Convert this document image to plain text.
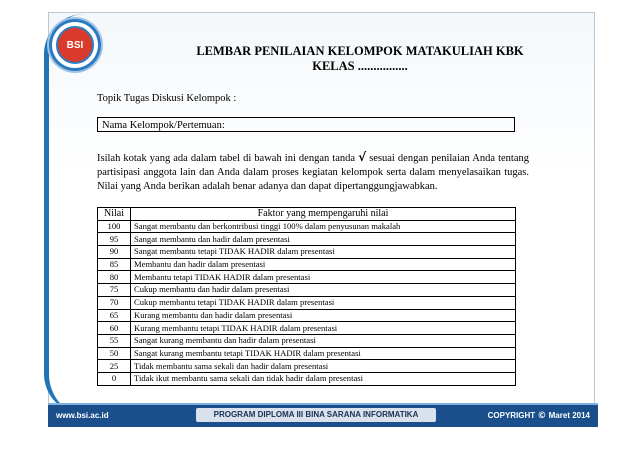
BSI	LEMBAR PENILAIAN KELOMPOK MATAKULIAH KBK
KELAS ................
Topik Tugas Diskusi Kelompok :
Nama Kelompok/Pertemuan:
Isilah kotak yang ada dalam tabel di bawah ini dengan tanda √ sesuai dengan penilaian Anda tentang partisipasi anggota lain dan Anda dalam proses kegiatan kelompok serta dalam menyelasaikan tugas. Nilai yang Anda berikan adalah benar adanya dan dapat dipertanggungjawabkan.
Nilai	Faktor yang mempengaruhi nilai
100	Sangat membantu dan berkontribusi tinggi 100% dalam penyusunan makalah
95	Sangat membantu dan hadir dalam presentasi
90	Sangat membantu tetapi TIDAK HADIR dalam presentasi
85	Membantu dan hadir dalam presentasi
80	Membantu tetapi TIDAK HADIR dalam presentasi
75	Cukup membantu dan hadir dalam presentasi
70	Cukup membantu tetapi TIDAK HADIR dalam presentasi
65	Kurang membantu dan hadir dalam presentasi
60	Kurang membantu tetapi TIDAK HADIR dalam presentasi
55	Sangat kurang membantu dan hadir dalam presentasi
50	Sangat kurang membantu tetapi TIDAK HADIR dalam presentasi
25	Tidak membantu sama sekali dan hadir dalam presentasi
0	Tidak ikut membantu sama sekali dan tidak hadir dalam presentasi
www.bsi.ac.id	PROGRAM DIPLOMA III BINA SARANA INFORMATIKA	COPYRIGHT © Maret 2014
